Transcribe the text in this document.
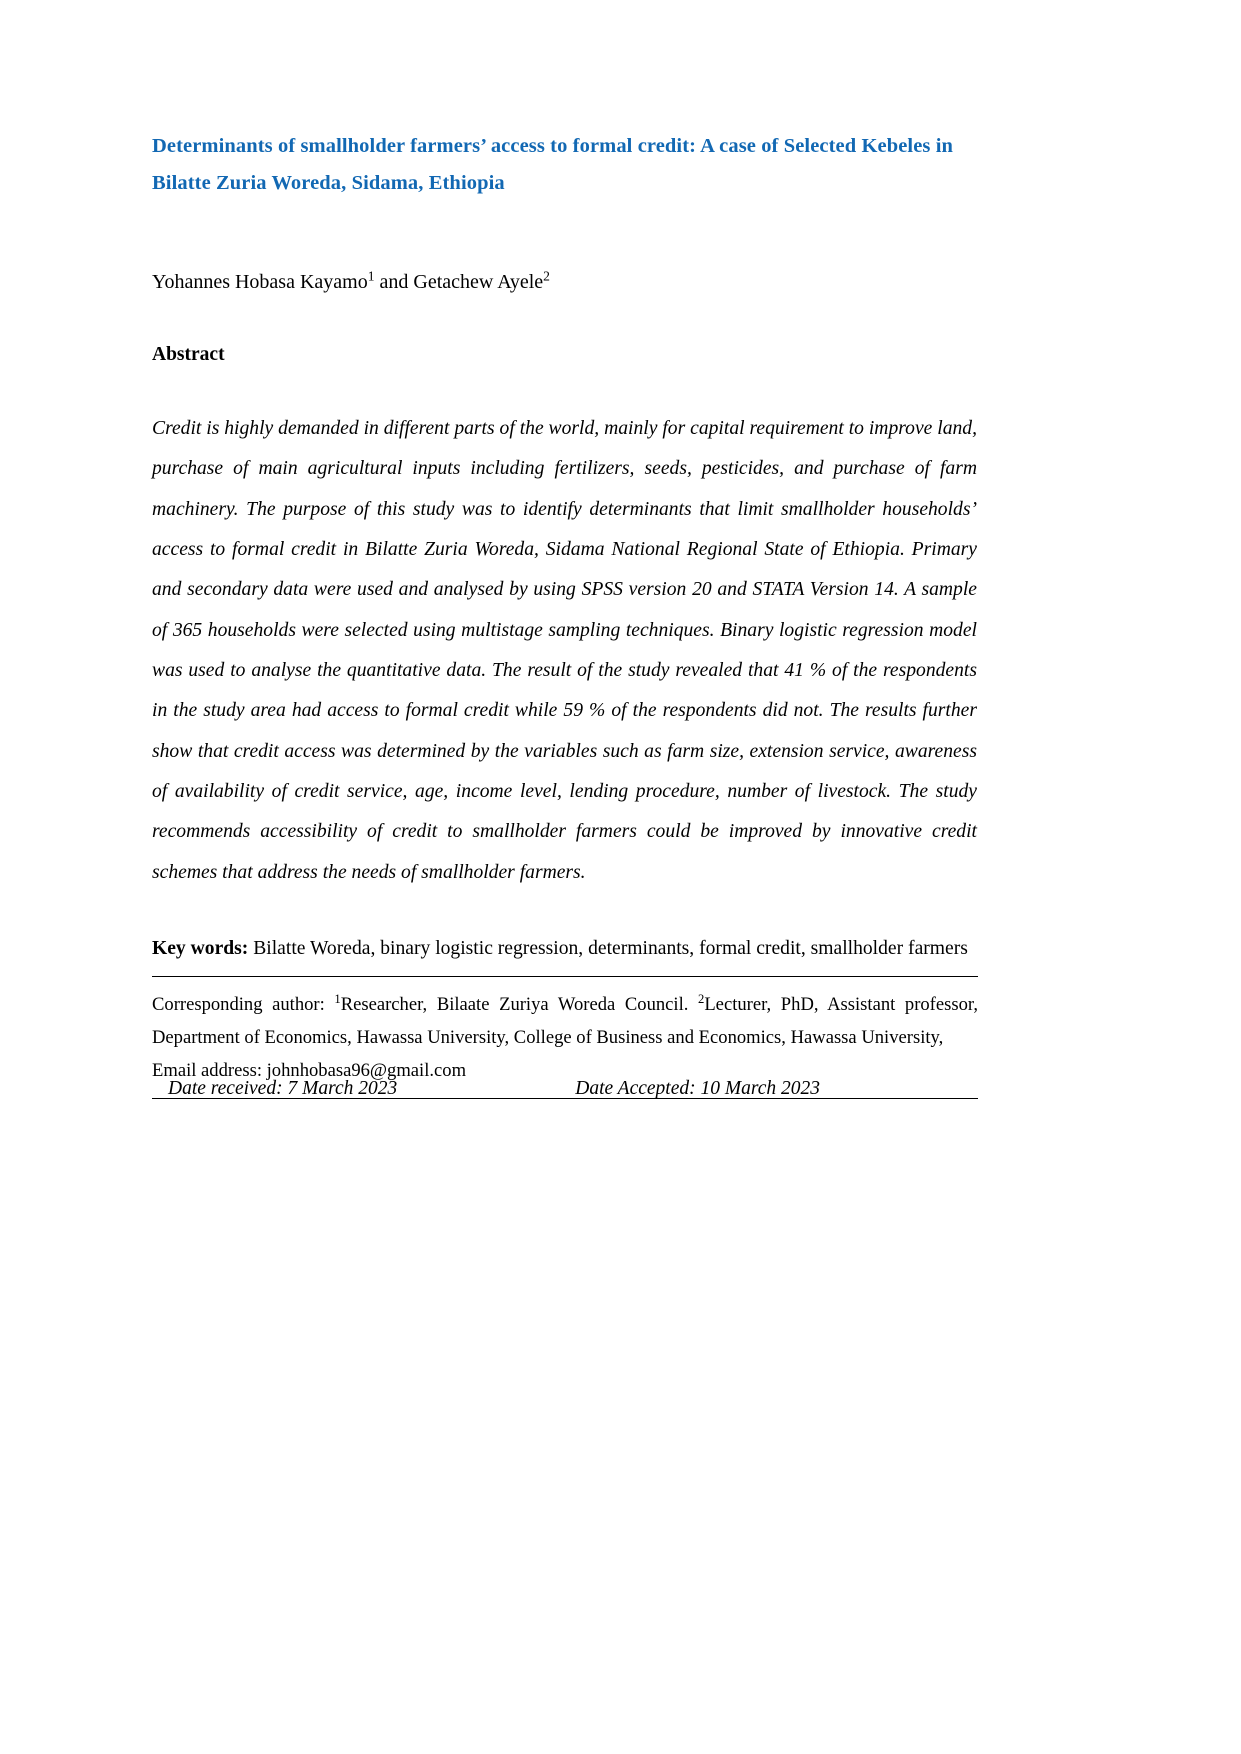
Determinants of smallholder farmers’ access to formal credit: A case of Selected Kebeles in Bilatte Zuria Woreda, Sidama, Ethiopia

Yohannes Hobasa Kayamo$^1$ and Getachew Ayele$^2$

Abstract

Credit is highly demanded in different parts of the world, mainly for capital requirement to improve land, purchase of main agricultural inputs including fertilizers, seeds, pesticides, and purchase of farm machinery. The purpose of this study was to identify determinants that limit smallholder households’ access to formal credit in Bilatte Zuria Woreda, Sidama National Regional State of Ethiopia. Primary and secondary data were used and analysed by using SPSS version 20 and STATA Version 14. A sample of 365 households were selected using multistage sampling techniques. Binary logistic regression model was used to analyse the quantitative data. The result of the study revealed that 41 % of the respondents in the study area had access to formal credit while 59 % of the respondents did not. The results further show that credit access was determined by the variables such as farm size, extension service, awareness of availability of credit service, age, income level, lending procedure, number of livestock. The study recommends accessibility of credit to smallholder farmers could be improved by innovative credit schemes that address the needs of smallholder farmers.

Key words: Bilatte Woreda, binary logistic regression, determinants, formal credit, smallholder farmers

Corresponding author: $^1$Researcher, Bilaate Zuriya Woreda Council. $^2$Lecturer, PhD, Assistant professor, Department of Economics, Hawassa University, College of Business and Economics, Hawassa University,
Email address: johnhobasa96@gmail.com

Date received: 7 March 2023	Date Accepted: 10 March 2023
